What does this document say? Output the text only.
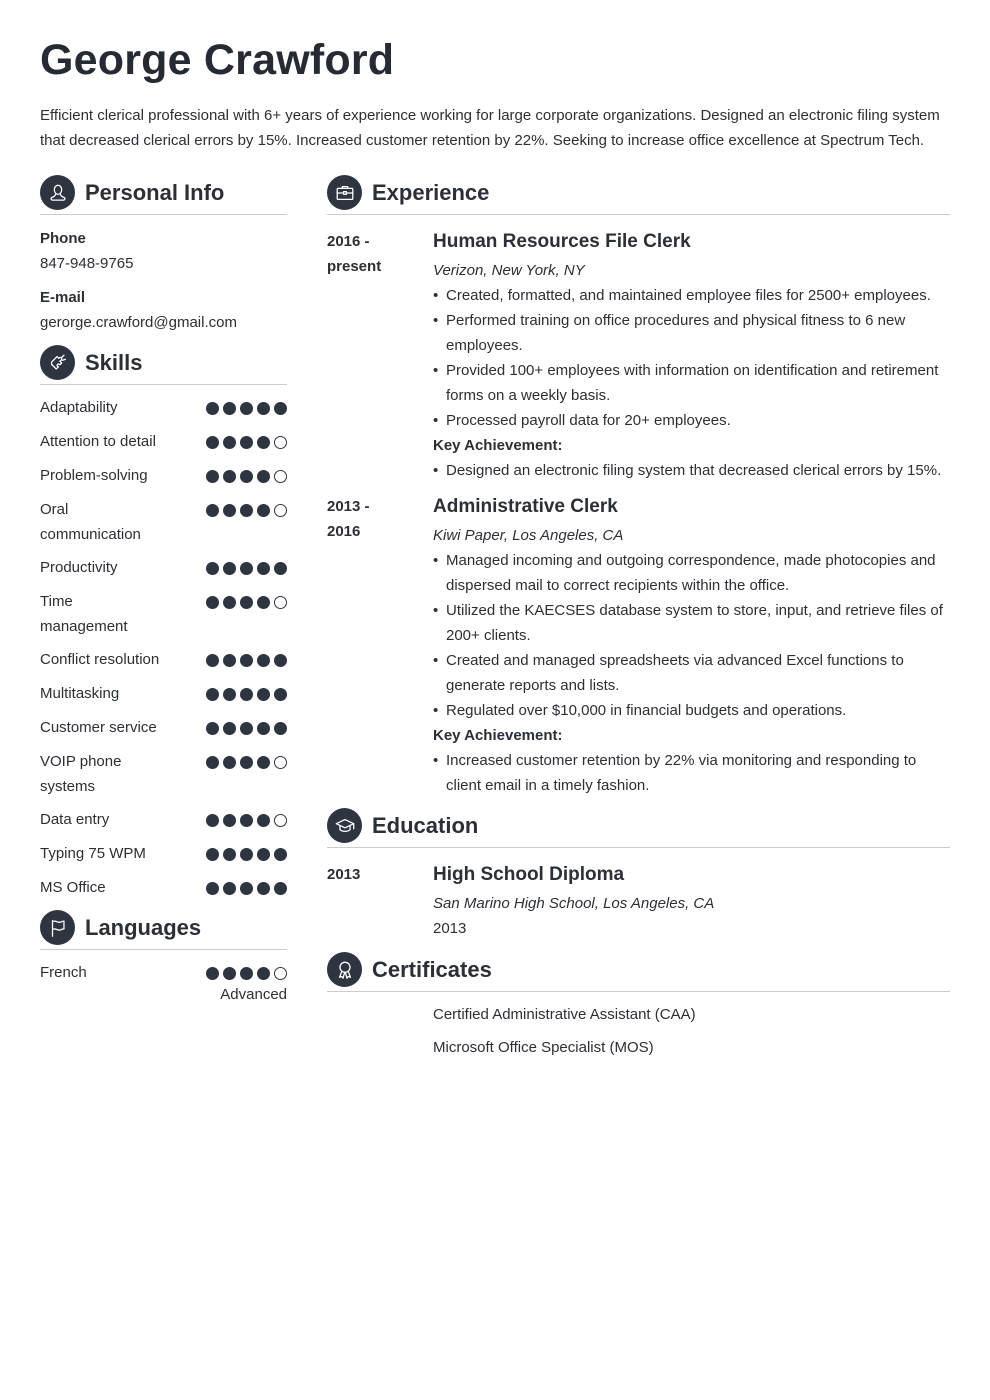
George Crawford

Efficient clerical professional with 6+ years of experience working for large corporate organizations. Designed an electronic filing system that decreased clerical errors by 15%. Increased customer retention by 22%. Seeking to increase office excellence at Spectrum Tech.

Personal Info
Phone
847-948-9765
E-mail
gerorge.crawford@gmail.com
Skills
Adaptability
Attention to detail
Problem-solving
Oral communication
Productivity
Time management
Conflict resolution
Multitasking
Customer service
VOIP phone systems
Data entry
Typing 75 WPM
MS Office
Languages
French
Advanced
Experience
2016 -
present
Human Resources File Clerk
Verizon, New York, NY
• Created, formatted, and maintained employee files for 2500+ employees.
• Performed training on office procedures and physical fitness to 6 new employees.
• Provided 100+ employees with information on identification and retirement forms on a weekly basis.
• Processed payroll data for 20+ employees.
Key Achievement:
• Designed an electronic filing system that decreased clerical errors by 15%.
2013 -
2016
Administrative Clerk
Kiwi Paper, Los Angeles, CA
• Managed incoming and outgoing correspondence, made photocopies and dispersed mail to correct recipients within the office.
• Utilized the KAECSES database system to store, input, and retrieve files of 200+ clients.
• Created and managed spreadsheets via advanced Excel functions to generate reports and lists.
• Regulated over $10,000 in financial budgets and operations.
Key Achievement:
• Increased customer retention by 22% via monitoring and responding to client email in a timely fashion.
Education
2013	High School Diploma
San Marino High School, Los Angeles, CA
2013
Certificates
Certified Administrative Assistant (CAA)
Microsoft Office Specialist (MOS)
